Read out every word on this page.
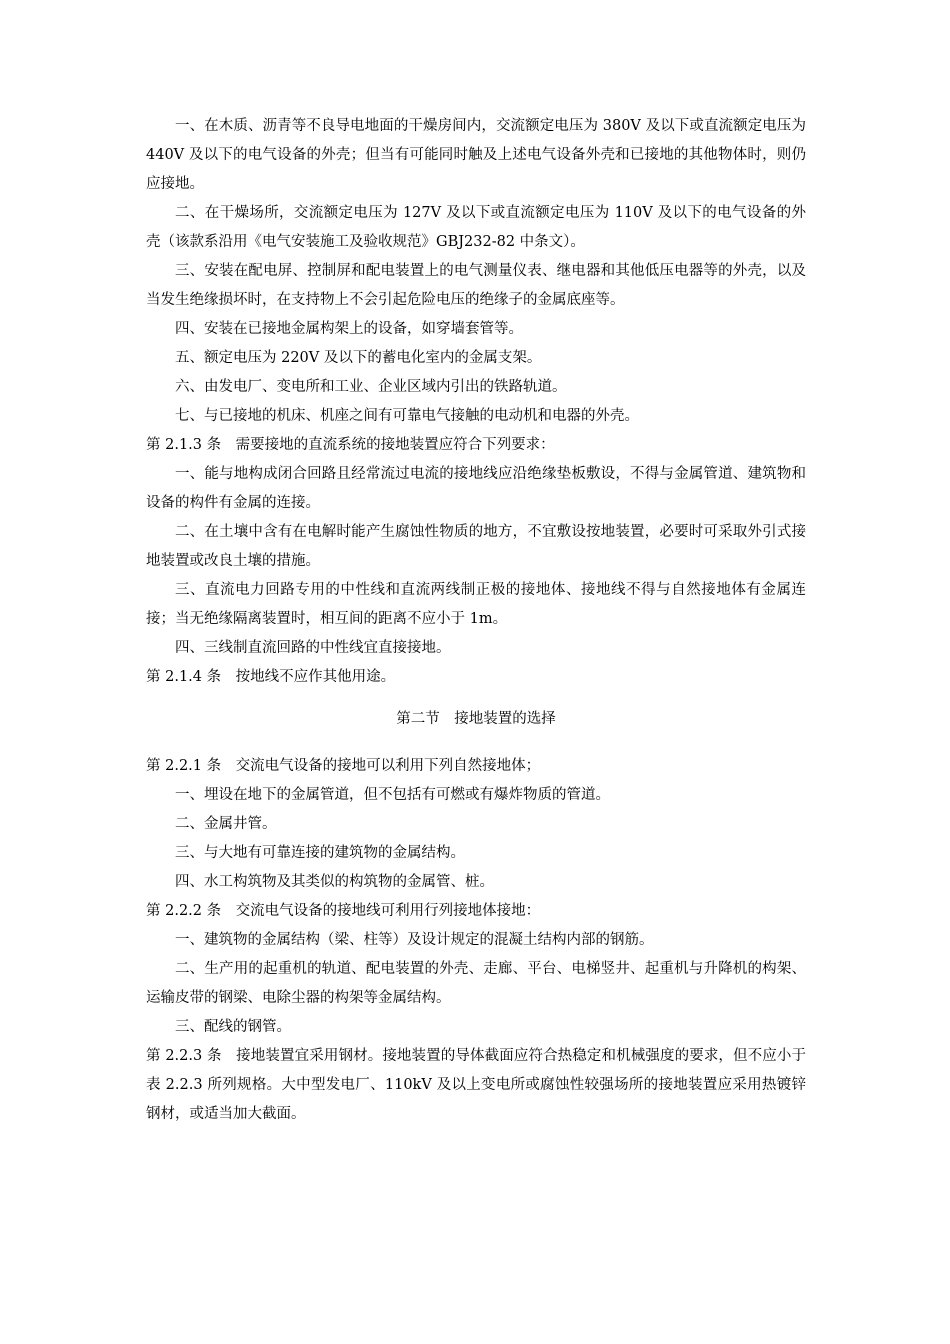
一、在木质、沥青等不良导电地面的干燥房间内，交流额定电压为 380V 及以下或直流额定电压为 440V 及以下的电气设备的外壳；但当有可能同时触及上述电气设备外壳和已接地的其他物体时，则仍应接地。

二、在干燥场所，交流额定电压为 127V 及以下或直流额定电压为 110V 及以下的电气设备的外壳（该款系沿用《电气安装施工及验收规范》GBJ232-82 中条文）。

三、安装在配电屏、控制屏和配电装置上的电气测量仪表、继电器和其他低压电器等的外壳，以及当发生绝缘损坏时，在支持物上不会引起危险电压的绝缘子的金属底座等。

四、安装在已接地金属构架上的设备，如穿墙套管等。

五、额定电压为 220V 及以下的蓄电化室内的金属支架。

六、由发电厂、变电所和工业、企业区域内引出的铁路轨道。

七、与已接地的机床、机座之间有可靠电气接触的电动机和电器的外壳。

第 2.1.3 条　需要接地的直流系统的接地装置应符合下列要求：

一、能与地构成闭合回路且经常流过电流的接地线应沿绝缘垫板敷设，不得与金属管道、建筑物和设备的构件有金属的连接。

二、在土壤中含有在电解时能产生腐蚀性物质的地方，不宜敷设按地装置，必要时可采取外引式接地装置或改良土壤的措施。

三、直流电力回路专用的中性线和直流两线制正极的接地体、接地线不得与自然接地体有金属连接；当无绝缘隔离装置时，相互间的距离不应小于 1m。

四、三线制直流回路的中性线宜直接接地。

第 2.1.4 条　按地线不应作其他用途。

第二节　接地装置的选择

第 2.2.1 条　交流电气设备的接地可以利用下列自然接地体；

一、埋设在地下的金属管道，但不包括有可燃或有爆炸物质的管道。

二、金属井管。

三、与大地有可靠连接的建筑物的金属结构。

四、水工构筑物及其类似的构筑物的金属管、桩。

第 2.2.2 条　交流电气设备的接地线可利用行列接地体接地：

一、建筑物的金属结构（梁、柱等）及设计规定的混凝土结构内部的钢筋。

二、生产用的起重机的轨道、配电装置的外壳、走廊、平台、电梯竖井、起重机与升降机的构架、运输皮带的钢梁、电除尘器的构架等金属结构。

三、配线的钢管。

第 2.2.3 条　接地装置宜采用钢材。接地装置的导体截面应符合热稳定和机械强度的要求，但不应小于表 2.2.3 所列规格。大中型发电厂、110kV 及以上变电所或腐蚀性较强场所的接地装置应采用热镀锌钢材，或适当加大截面。
